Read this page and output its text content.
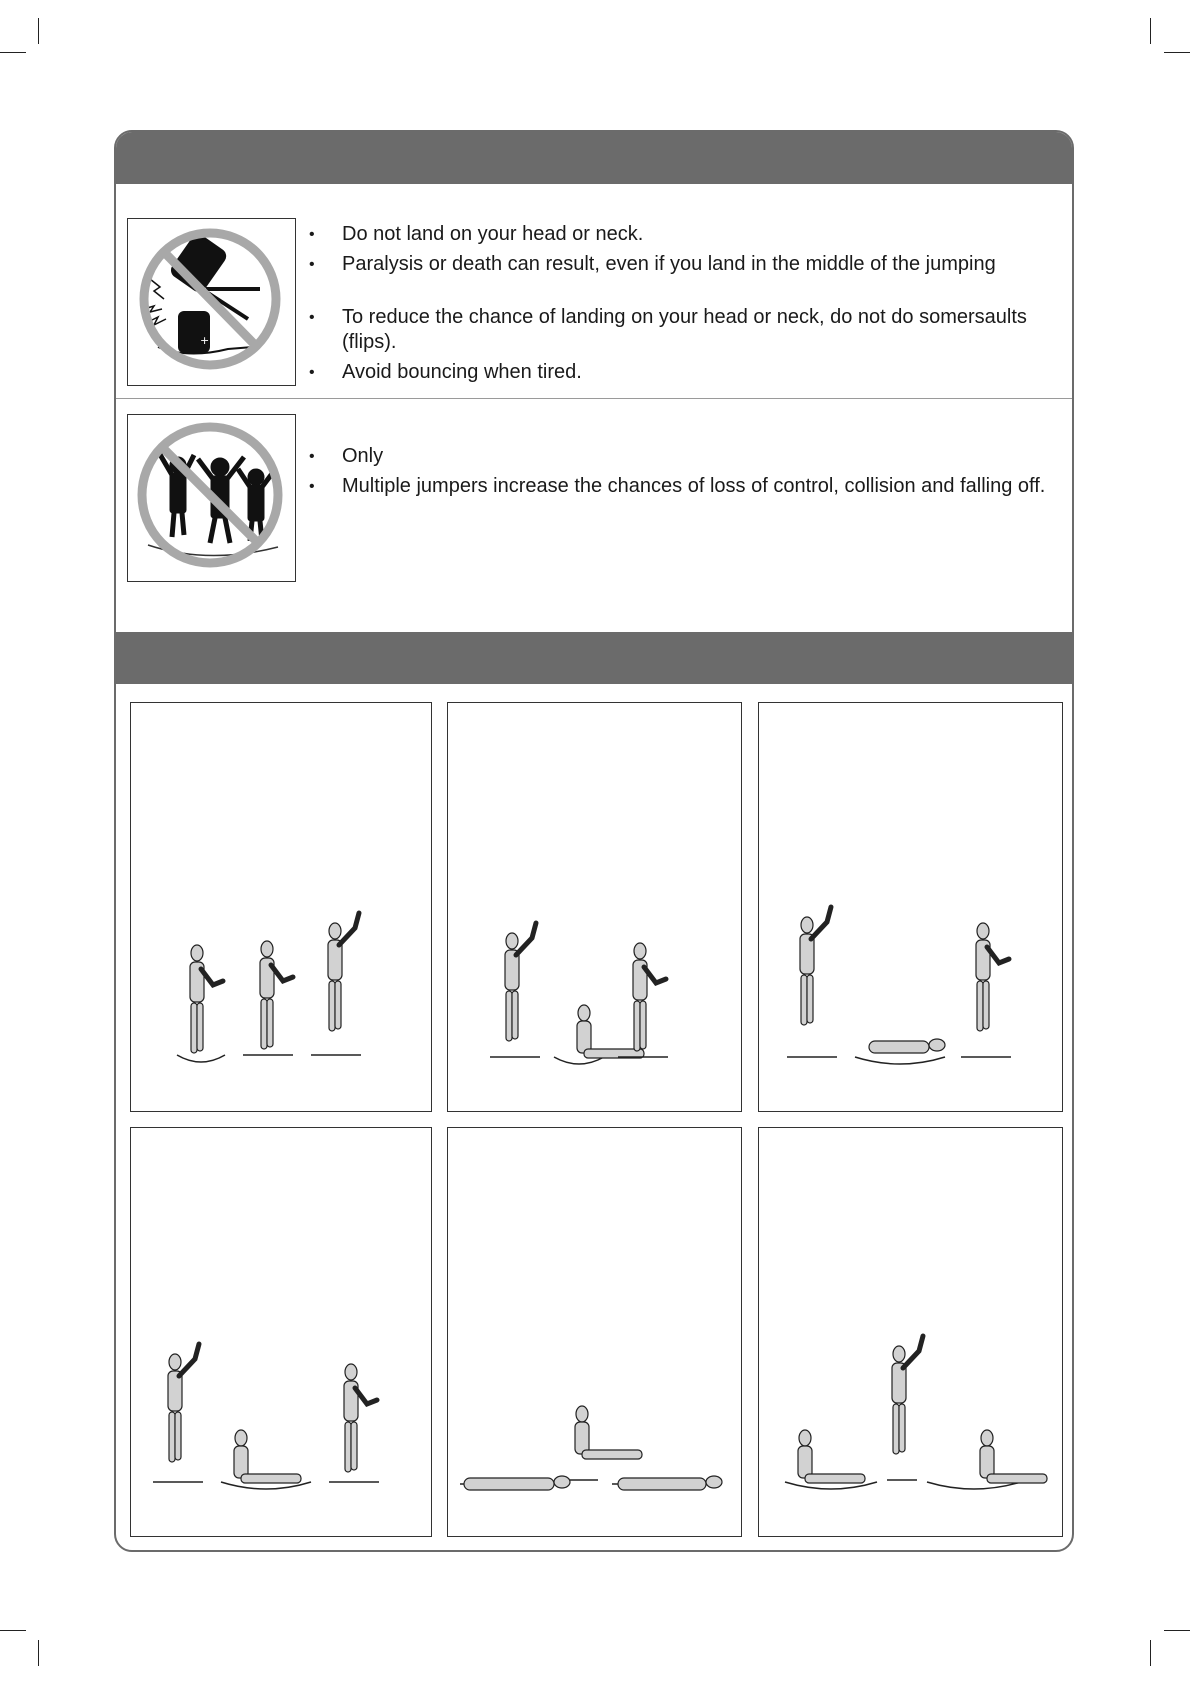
+
• Do not land on your head or neck.
• Paralysis or death can result, even if you land in the middle of the jumping
• To reduce the chance of landing on your head or neck, do not do somersaults (flips).
• Avoid bouncing when tired.
• Only
• Multiple jumpers increase the chances of loss of control, collision and falling off.
